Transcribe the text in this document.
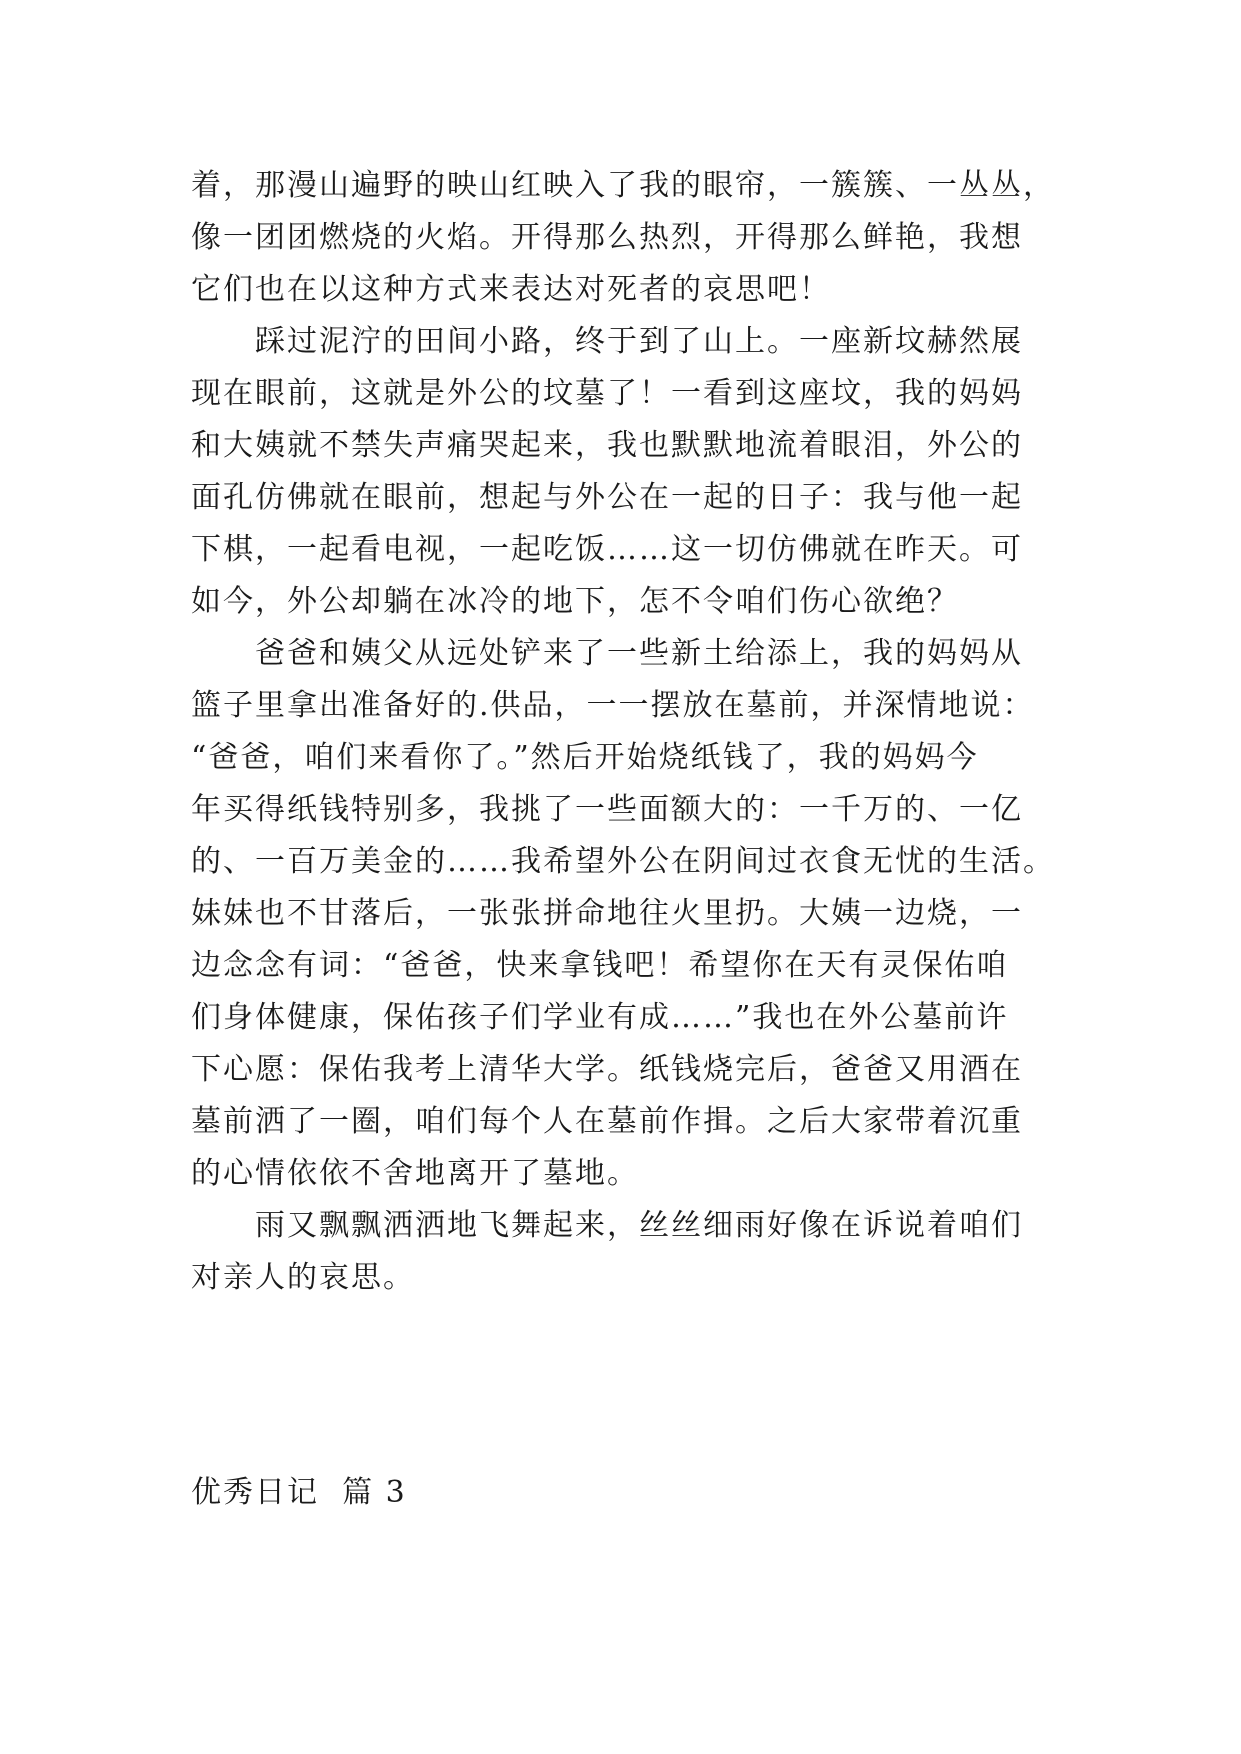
着，那漫山遍野的映山红映入了我的眼帘，一簇簇、一丛丛，
像一团团燃烧的火焰。开得那么热烈，开得那么鲜艳，我想
它们也在以这种方式来表达对死者的哀思吧！

　　踩过泥泞的田间小路，终于到了山上。一座新坟赫然展
现在眼前，这就是外公的坟墓了！一看到这座坟，我的妈妈
和大姨就不禁失声痛哭起来，我也默默地流着眼泪，外公的
面孔仿佛就在眼前，想起与外公在一起的日子：我与他一起
下棋，一起看电视，一起吃饭……这一切仿佛就在昨天。可
如今，外公却躺在冰冷的地下，怎不令咱们伤心欲绝？

　　爸爸和姨父从远处铲来了一些新土给添上，我的妈妈从
篮子里拿出准备好的.供品，一一摆放在墓前，并深情地说：
“爸爸，咱们来看你了。”然后开始烧纸钱了，我的妈妈今
年买得纸钱特别多，我挑了一些面额大的：一千万的、一亿
的、一百万美金的……我希望外公在阴间过衣食无忧的生活。
妹妹也不甘落后，一张张拼命地往火里扔。大姨一边烧，一
边念念有词：“爸爸，快来拿钱吧！希望你在天有灵保佑咱
们身体健康，保佑孩子们学业有成……”我也在外公墓前许
下心愿：保佑我考上清华大学。纸钱烧完后，爸爸又用酒在
墓前洒了一圈，咱们每个人在墓前作揖。之后大家带着沉重
的心情依依不舍地离开了墓地。

　　雨又飘飘洒洒地飞舞起来，丝丝细雨好像在诉说着咱们
对亲人的哀思。

优秀日记  篇 3
